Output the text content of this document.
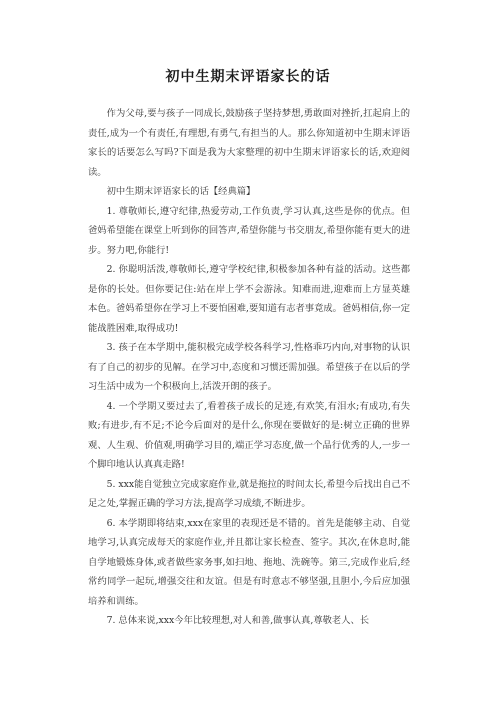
初中生期末评语家长的话

作为父母,要与孩子一同成长,鼓励孩子坚持梦想,勇敢面对挫折,扛起肩上的责任,成为一个有责任,有理想,有勇气,有担当的人。那么你知道初中生期末评语家长的话要怎么写吗?下面是我为大家整理的初中生期末评语家长的话,欢迎阅读。

初中生期末评语家长的话【经典篇】

1. 尊敬师长,遵守纪律,热爱劳动,工作负责,学习认真,这些是你的优点。但爸妈希望能在课堂上听到你的回答声,希望你能与书交朋友,希望你能有更大的进步。努力吧,你能行!

2. 你聪明活泼,尊敬师长,遵守学校纪律,积极参加各种有益的活动。这些都是你的长处。但你要记住:站在岸上学不会游泳。知难而进,迎难而上方显英雄本色。爸妈希望你在学习上不要怕困难,要知道有志者事竟成。爸妈相信,你一定能战胜困难,取得成功!

3. 孩子在本学期中,能积极完成学校各科学习,性格乖巧内向,对事物的认识有了自己的初步的见解。在学习中,态度和习惯还需加强。希望孩子在以后的学习生活中成为一个积极向上,活泼开朗的孩子。

4. 一个学期又要过去了,看着孩子成长的足迹,有欢笑,有泪水;有成功,有失败;有进步,有不足;不论今后面对的是什么,你现在要做好的是:树立正确的世界观、人生观、价值观,明确学习目的,端正学习态度,做一个品行优秀的人,一步一个脚印地认认真真走路!

5. xxx能自觉独立完成家庭作业,就是拖拉的时间太长,希望今后找出自己不足之处,掌握正确的学习方法,提高学习成绩,不断进步。

6. 本学期即将结束,xxx在家里的表现还是不错的。首先是能够主动、自觉地学习,认真完成每天的家庭作业,并且都让家长检查、签字。其次,在休息时,能自学地锻炼身体,或者做些家务事,如扫地、拖地、洗碗等。第三,完成作业后,经常约同学一起玩,增强交往和友谊。但是有时意志不够坚强,且胆小,今后应加强培养和训练。

7. 总体来说,xxx今年比较理想,对人和善,做事认真,尊敬老人、长
